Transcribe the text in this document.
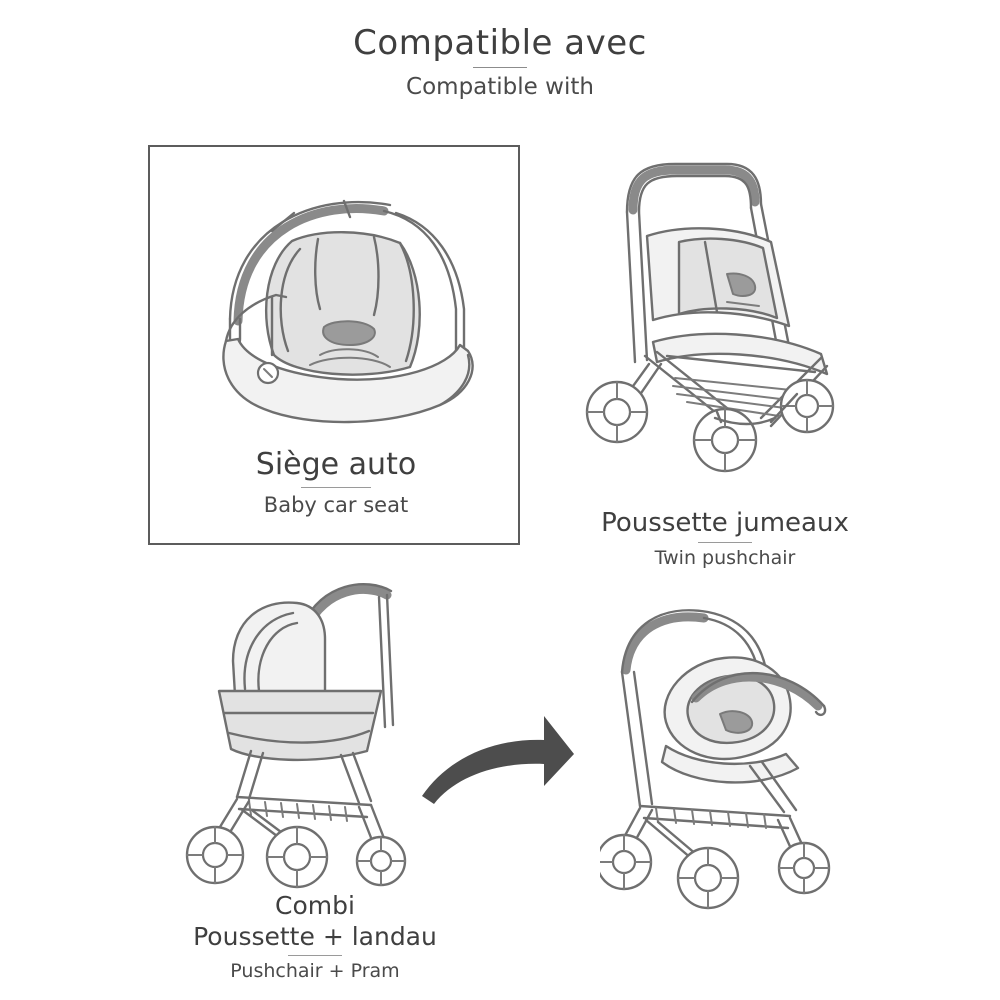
Compatible avec
Compatible with
Siège auto
Baby car seat
Poussette jumeaux
Twin pushchair
Combi
Poussette + landau
Pushchair + Pram
